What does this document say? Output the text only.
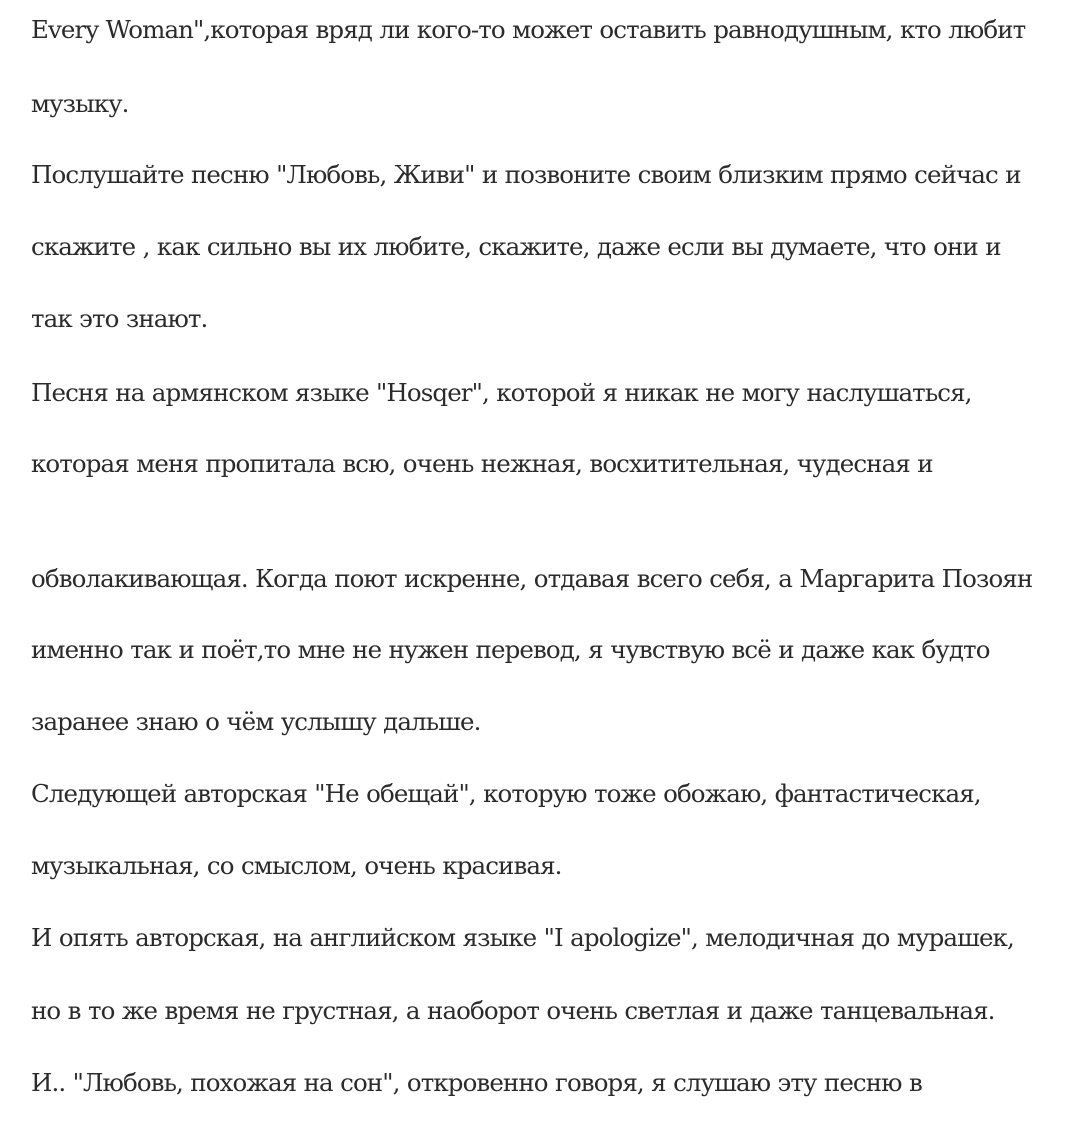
Every Woman",которая вряд ли кого-то может оставить равнодушным, кто любит
музыку.
Послушайте песню "Любовь, Живи" и позвоните своим близким прямо сейчас и
скажите , как сильно вы их любите, скажите, даже если вы думаете, что они и
так это знают.
Песня на армянском языке "Hosqer", которой я никак не могу наслушаться,
которая меня пропитала всю, очень нежная, восхитительная, чудесная и
обволакивающая. Когда поют искренне, отдавая всего себя, а Маргарита Позоян
именно так и поёт,то мне не нужен перевод, я чувствую всё и даже как будто
заранее знаю о чём услышу дальше.
Следующей авторская "Не обещай", которую тоже обожаю, фантастическая,
музыкальная, со смыслом, очень красивая.
И опять авторская, на английском языке "I apologize", мелодичная до мурашек,
но в то же время не грустная, а наоборот очень светлая и даже танцевальная.
И.. "Любовь, похожая на сон", откровенно говоря, я слушаю эту песню в
